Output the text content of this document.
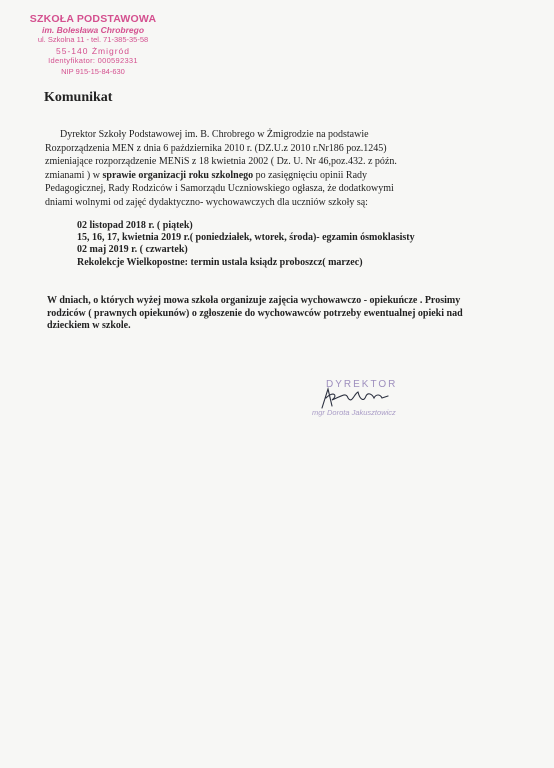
SZKOŁA PODSTAWOWA
im. Bolesława Chrobrego
ul. Szkolna 11 - tel. 71-385-35-58
55-140 Żmigród
Identyfikator: 000592331
NIP 915-15-84-630
Komunikat

Dyrektor Szkoły Podstawowej im. B. Chrobrego w Żmigrodzie na podstawie Rozporządzenia MEN z dnia 6 października 2010 r. (DZ.U.z 2010 r.Nr186 poz.1245) zmieniające rozporządzenie MENiS z 18 kwietnia 2002 ( Dz. U. Nr 46,poz.432. z późn. zmianami ) w sprawie organizacji roku szkolnego po zasięgnięciu opinii Rady Pedagogicznej, Rady Rodziców i Samorządu Uczniowskiego ogłasza, że dodatkowymi dniami wolnymi od zajęć dydaktyczno- wychowawczych dla uczniów szkoły są:

02 listopad 2018 r. ( piątek)
15, 16, 17, kwietnia 2019 r.( poniedziałek, wtorek, środa)- egzamin ósmoklasisty
02 maj 2019 r. ( czwartek)
Rekolekcje Wielkopostne: termin ustala ksiądz proboszcz( marzec)

W dniach, o których wyżej mowa szkoła organizuje zajęcia wychowawczo - opiekuńcze . Prosimy rodziców ( prawnych opiekunów) o zgłoszenie do wychowawców potrzeby ewentualnej opieki nad dzieckiem w szkole.

DYREKTOR
mgr Dorota Jakusztowicz
